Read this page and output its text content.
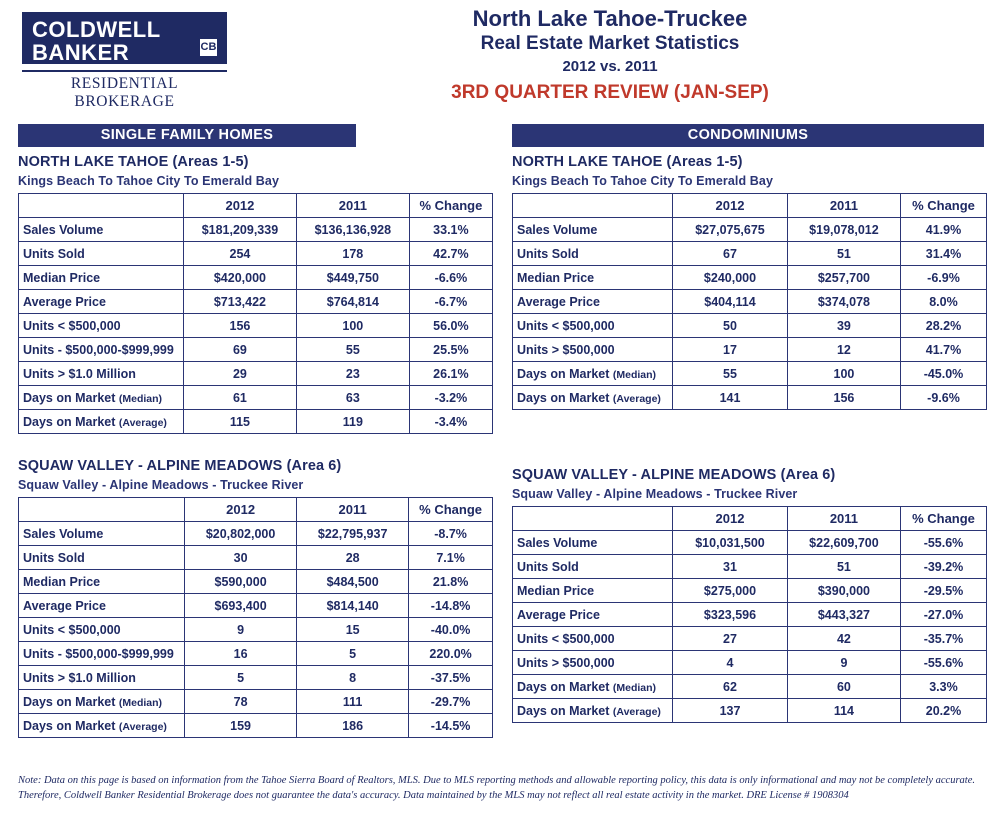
COLDWELL
BANKER	CB
RESIDENTIAL BROKERAGE
North Lake Tahoe-Truckee
Real Estate Market Statistics
2012 vs. 2011
3RD QUARTER REVIEW (JAN-SEP)
SINGLE FAMILY HOMES
NORTH LAKE TAHOE (Areas 1-5)
Kings Beach To Tahoe City To Emerald Bay
	2012	2011	% Change
Sales Volume	$181,209,339	$136,136,928	33.1%
Units Sold	254	178	42.7%
Median Price	$420,000	$449,750	-6.6%
Average Price	$713,422	$764,814	-6.7%
Units < $500,000	156	100	56.0%
Units - $500,000-$999,999	69	55	25.5%
Units > $1.0 Million	29	23	26.1%
Days on Market (Median)	61	63	-3.2%
Days on Market (Average)	115	119	-3.4%
SQUAW VALLEY - ALPINE MEADOWS (Area 6)
Squaw Valley - Alpine Meadows - Truckee River
	2012	2011	% Change
Sales Volume	$20,802,000	$22,795,937	-8.7%
Units Sold	30	28	7.1%
Median Price	$590,000	$484,500	21.8%
Average Price	$693,400	$814,140	-14.8%
Units < $500,000	9	15	-40.0%
Units - $500,000-$999,999	16	5	220.0%
Units > $1.0 Million	5	8	-37.5%
Days on Market (Median)	78	111	-29.7%
Days on Market (Average)	159	186	-14.5%
CONDOMINIUMS
NORTH LAKE TAHOE (Areas 1-5)
Kings Beach To Tahoe City To Emerald Bay
	2012	2011	% Change
Sales Volume	$27,075,675	$19,078,012	41.9%
Units Sold	67	51	31.4%
Median Price	$240,000	$257,700	-6.9%
Average Price	$404,114	$374,078	8.0%
Units < $500,000	50	39	28.2%
Units > $500,000	17	12	41.7%
Days on Market (Median)	55	100	-45.0%
Days on Market (Average)	141	156	-9.6%
SQUAW VALLEY - ALPINE MEADOWS (Area 6)
Squaw Valley - Alpine Meadows - Truckee River
	2012	2011	% Change
Sales Volume	$10,031,500	$22,609,700	-55.6%
Units Sold	31	51	-39.2%
Median Price	$275,000	$390,000	-29.5%
Average Price	$323,596	$443,327	-27.0%
Units < $500,000	27	42	-35.7%
Units > $500,000	4	9	-55.6%
Days on Market (Median)	62	60	3.3%
Days on Market (Average)	137	114	20.2%
Note: Data on this page is based on information from the Tahoe Sierra Board of Realtors, MLS. Due to MLS reporting methods and allowable reporting policy, this data is only informational and may not be completely accurate.
Therefore, Coldwell Banker Residential Brokerage does not guarantee the data's accuracy. Data maintained by the MLS may not reflect all real estate activity in the market. DRE License # 1908304
